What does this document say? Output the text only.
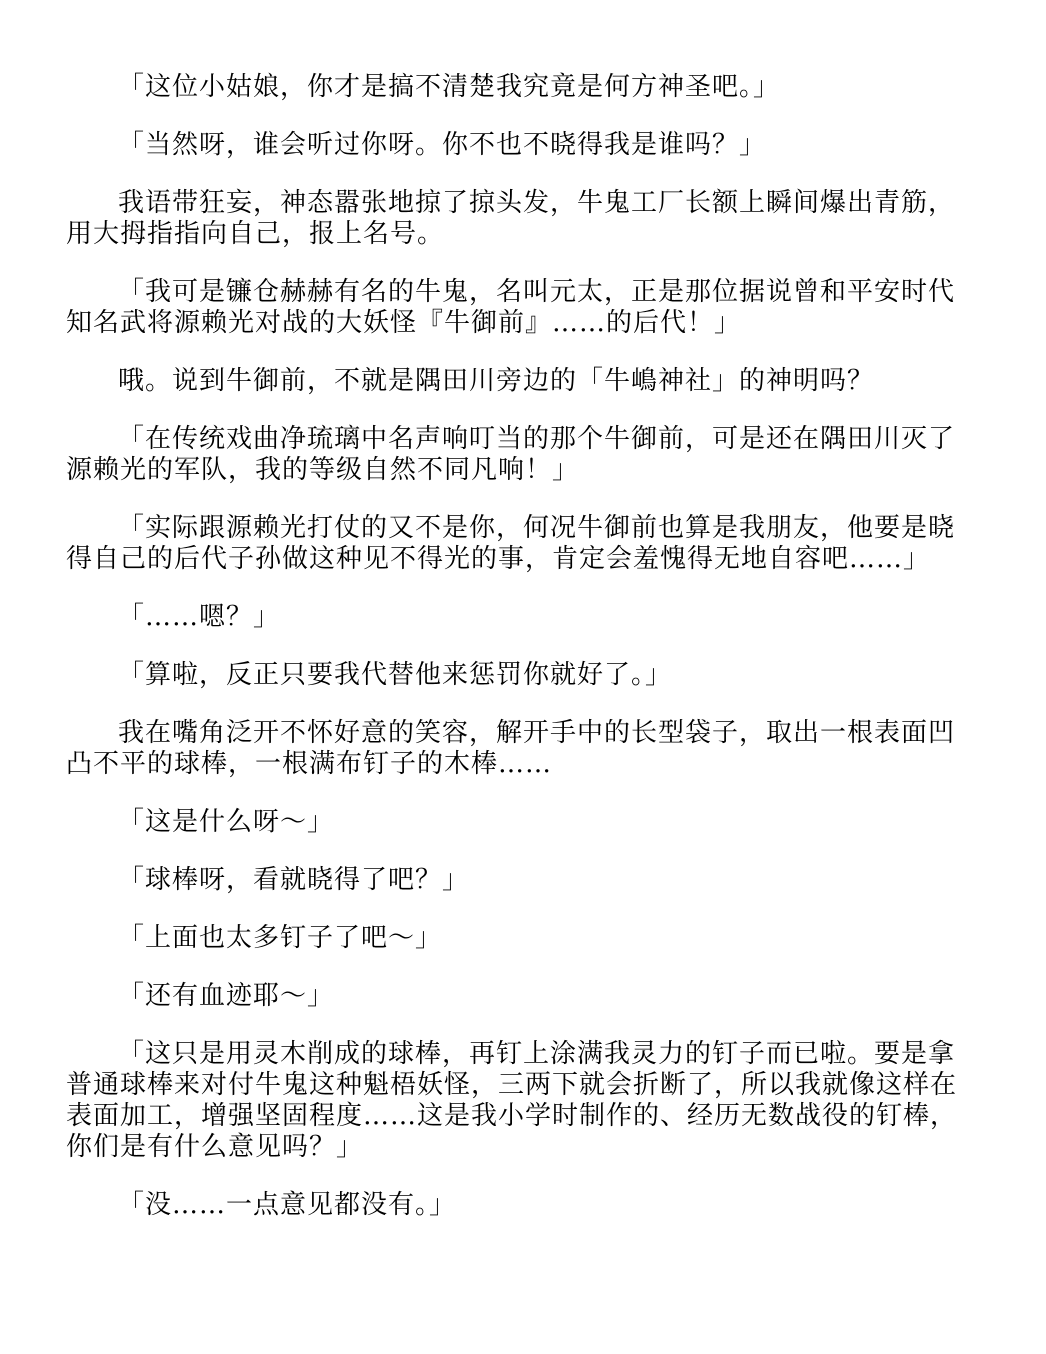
「这位小姑娘，你才是搞不清楚我究竟是何方神圣吧。」

「当然呀，谁会听过你呀。你不也不晓得我是谁吗？」

我语带狂妄，神态嚣张地掠了掠头发，牛鬼工厂长额上瞬间爆出青筋，用大拇指指向自己，报上名号。

「我可是镰仓赫赫有名的牛鬼，名叫元太，正是那位据说曾和平安时代知名武将源赖光对战的大妖怪『牛御前』……的后代！」

哦。说到牛御前，不就是隅田川旁边的「牛嶋神社」的神明吗？

「在传统戏曲净琉璃中名声响叮当的那个牛御前，可是还在隅田川灭了源赖光的军队，我的等级自然不同凡响！」

「实际跟源赖光打仗的又不是你，何况牛御前也算是我朋友，他要是晓得自己的后代子孙做这种见不得光的事，肯定会羞愧得无地自容吧……」

「……嗯？」

「算啦，反正只要我代替他来惩罚你就好了。」

我在嘴角泛开不怀好意的笑容，解开手中的长型袋子，取出一根表面凹凸不平的球棒，一根满布钉子的木棒……

「这是什么呀～」

「球棒呀，看就晓得了吧？」

「上面也太多钉子了吧～」

「还有血迹耶～」

「这只是用灵木削成的球棒，再钉上涂满我灵力的钉子而已啦。要是拿普通球棒来对付牛鬼这种魁梧妖怪，三两下就会折断了，所以我就像这样在表面加工，增强坚固程度……这是我小学时制作的、经历无数战役的钉棒，你们是有什么意见吗？」

「没……一点意见都没有。」
